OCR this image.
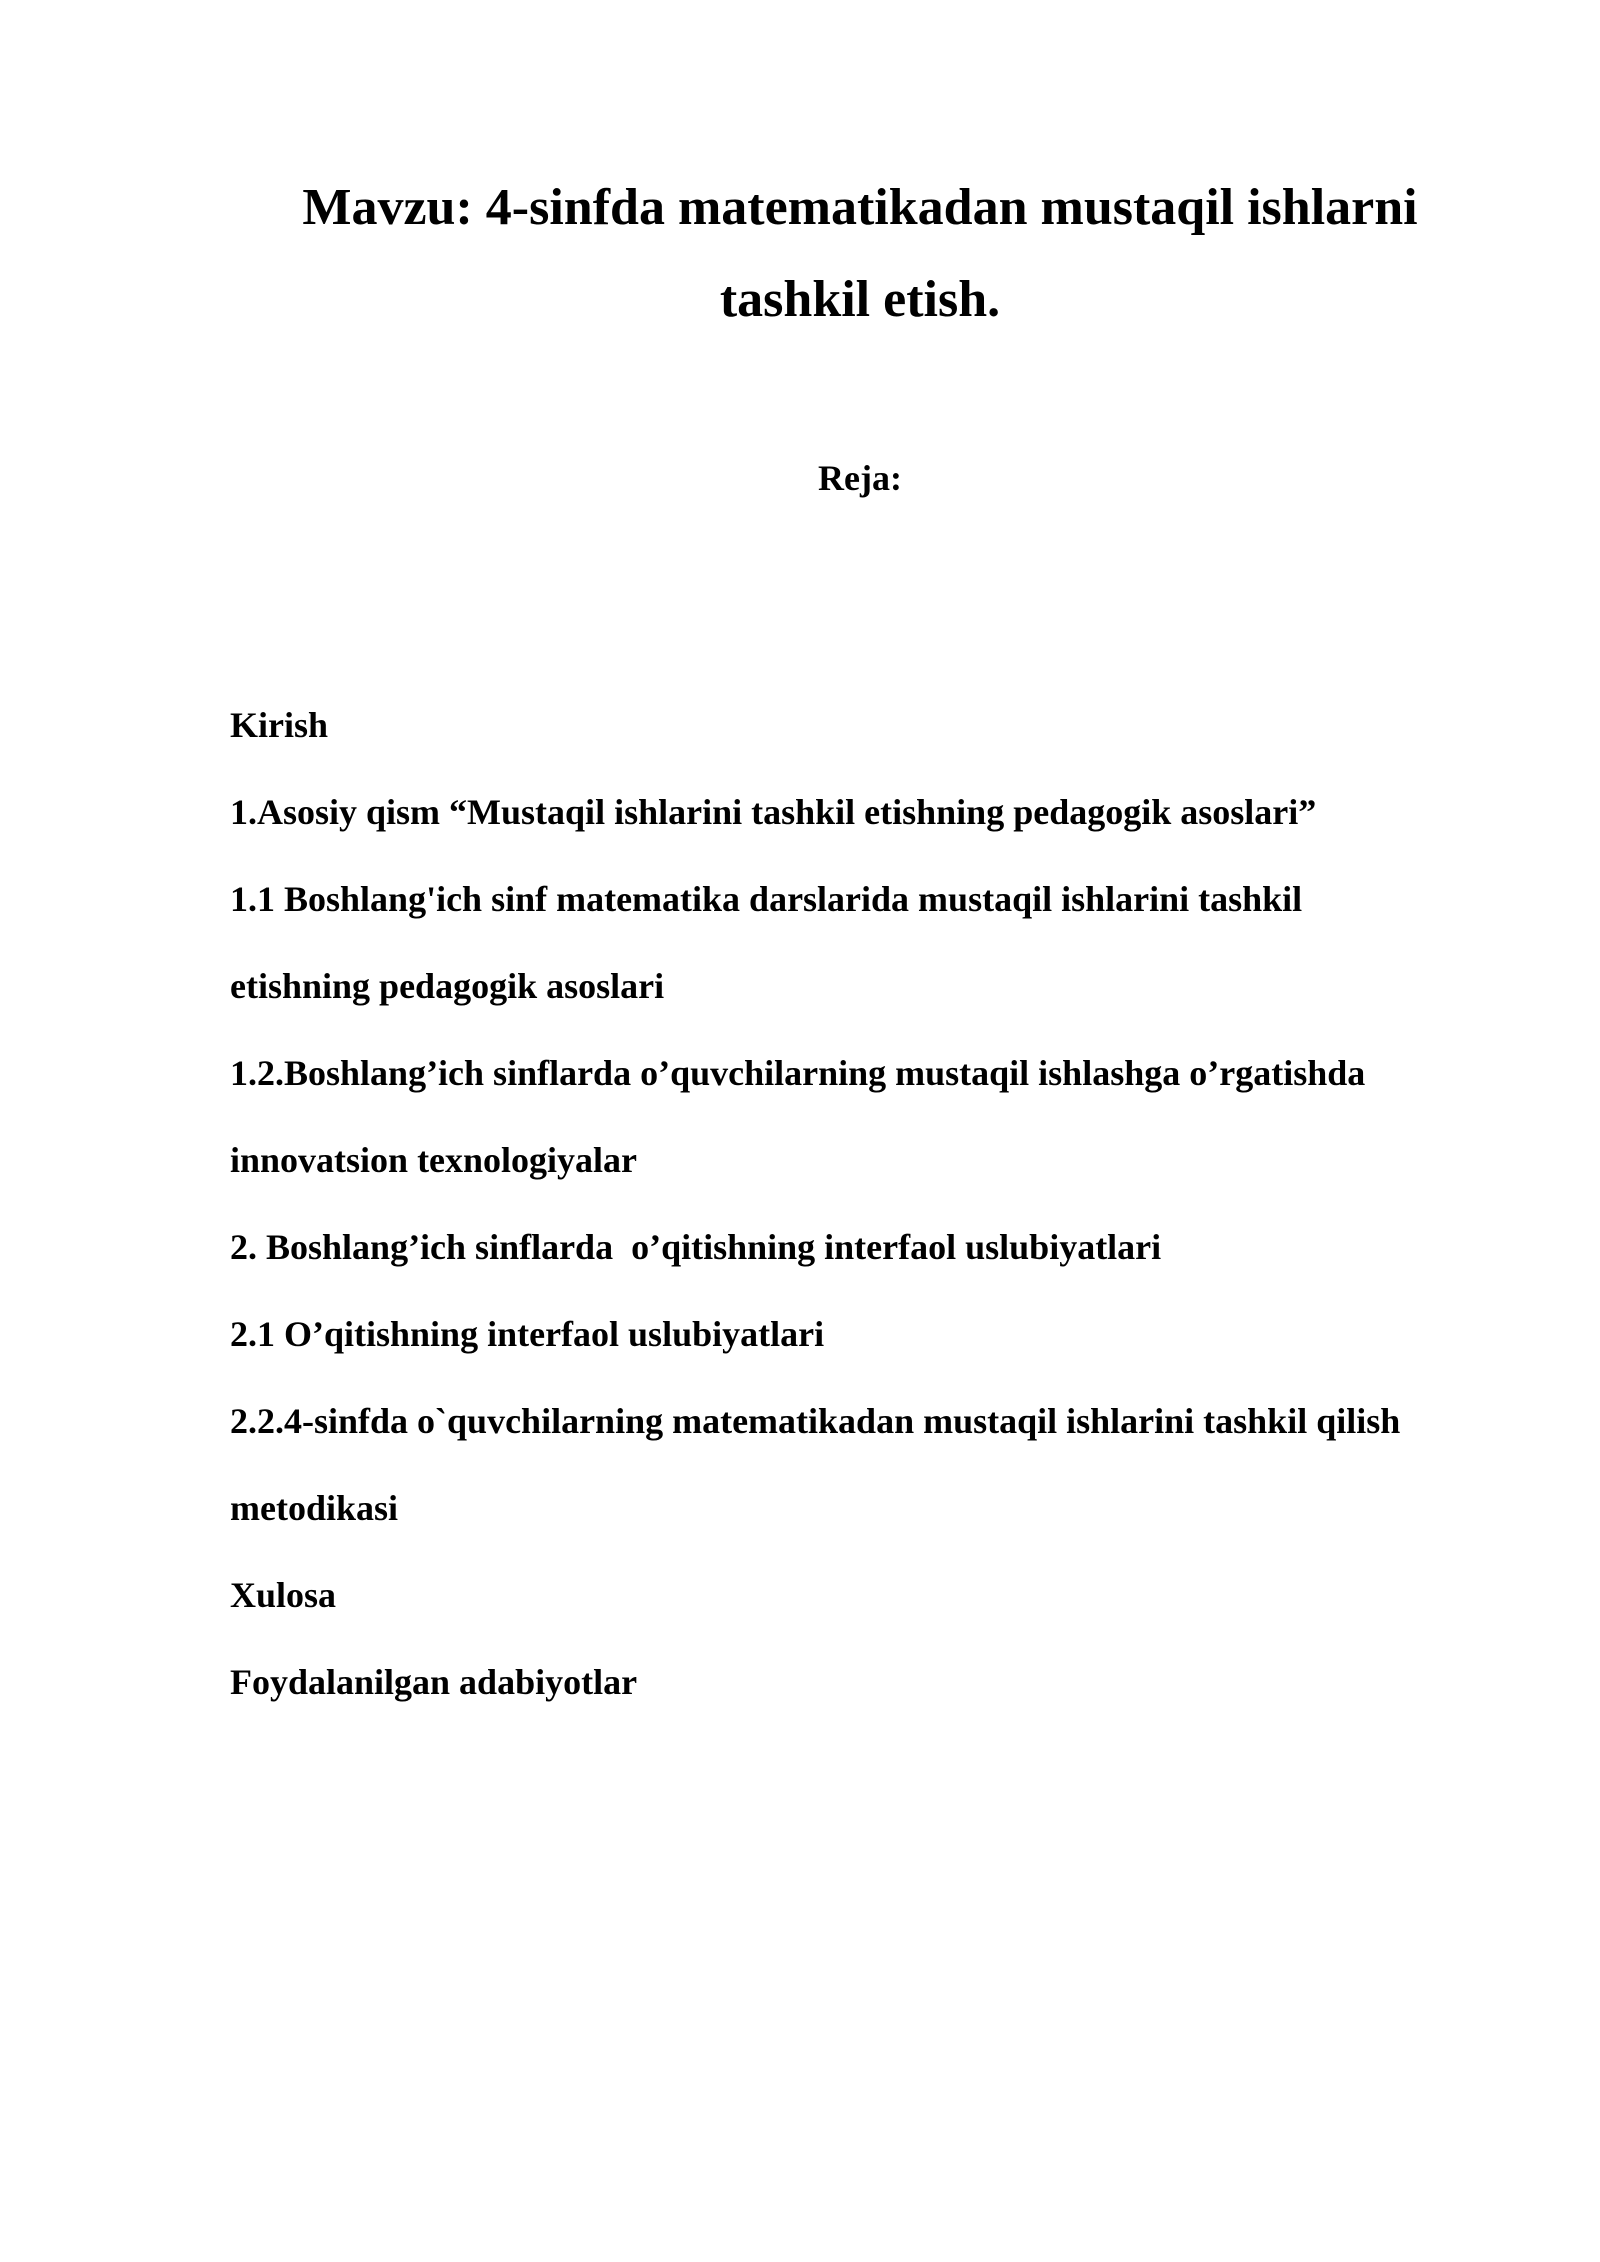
Mavzu: 4-sinfda matematikadan mustaqil ishlarni
tashkil etish.

Reja:

Kirish
1.Asosiy qism “Mustaqil ishlarini tashkil etishning pedagogik asoslari”
1.1 Boshlang'ich sinf matematika darslarida mustaqil ishlarini tashkil
etishning pedagogik asoslari
1.2.Boshlang’ich sinflarda o’quvchilarning mustaqil ishlashga o’rgatishda
innovatsion texnologiyalar
2. Boshlang’ich sinflarda  o’qitishning interfaol uslubiyatlari
2.1 O’qitishning interfaol uslubiyatlari
2.2.4-sinfda o`quvchilarning matematikadan mustaqil ishlarini tashkil qilish
metodikasi
Xulosa
Foydalanilgan adabiyotlar
